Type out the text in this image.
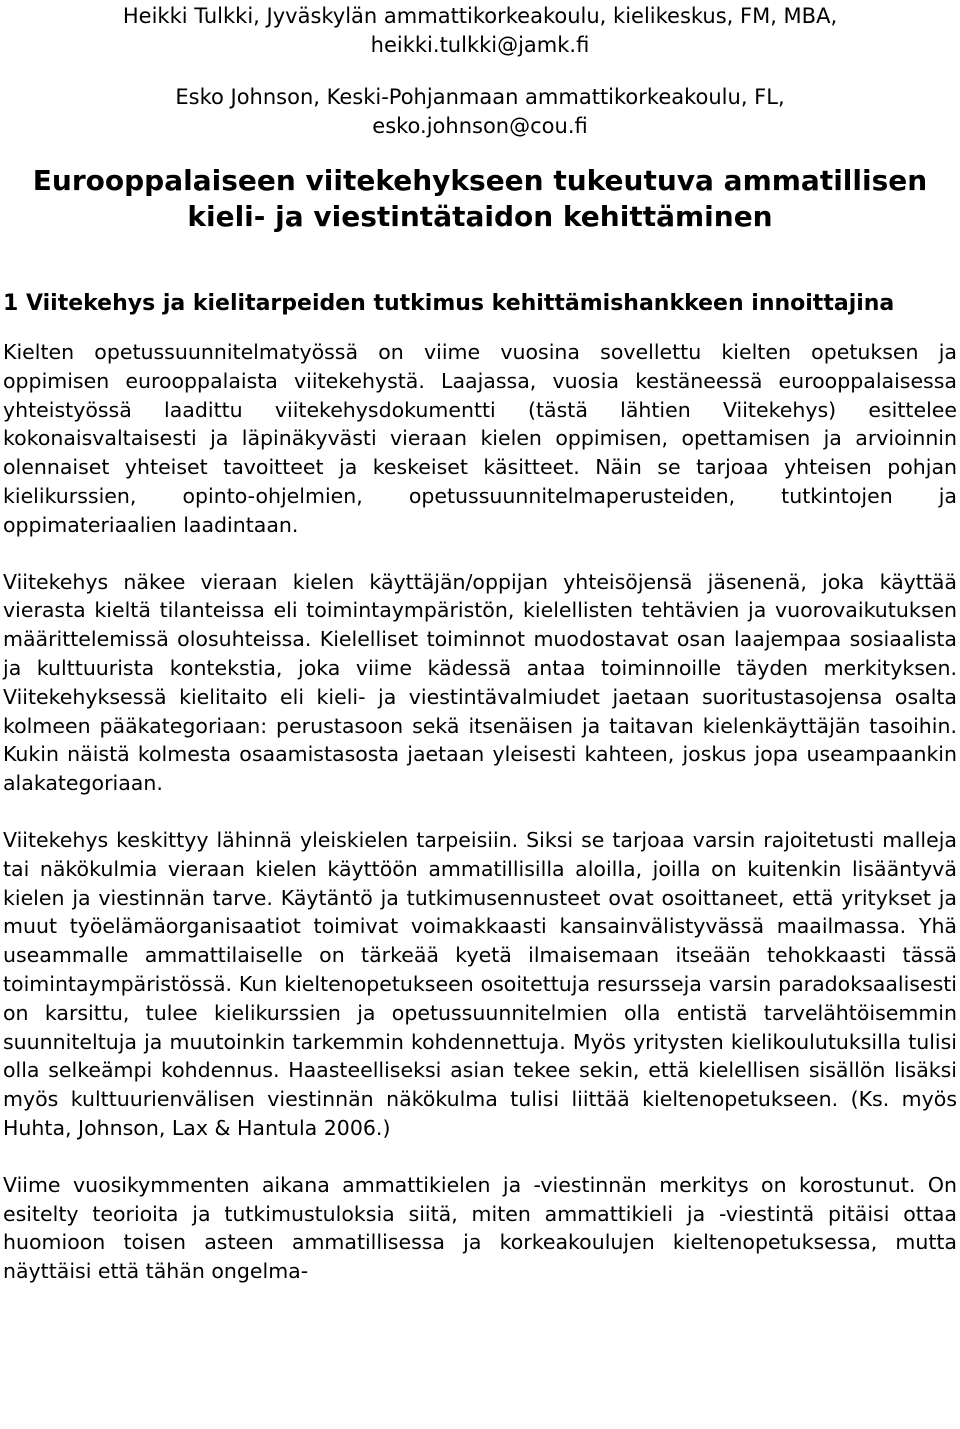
Heikki Tulkki, Jyväskylän ammattikorkeakoulu, kielikeskus, FM, MBA,

heikki.tulkki@jamk.fi

Esko Johnson, Keski-Pohjanmaan ammattikorkeakoulu, FL,

esko.johnson@cou.fi

Eurooppalaiseen viitekehykseen tukeutuva ammatillisen
kieli- ja viestintätaidon kehittäminen
1 Viitekehys ja kielitarpeiden tutkimus kehittämishankkeen innoittajina

Kielten opetussuunnitelmatyössä on viime vuosina sovellettu kielten opetuksen ja oppimisen eurooppalaista viitekehystä. Laajassa, vuosia kestäneessä eurooppalaisessa yhteistyössä laadittu viitekehysdokumentti (tästä lähtien Viitekehys) esittelee kokonaisvaltaisesti ja läpinäkyvästi vieraan kielen oppimisen, opettamisen ja arvioinnin olennaiset yhteiset tavoitteet ja keskeiset käsitteet. Näin se tarjoaa yhteisen pohjan kielikurssien, opinto-ohjelmien, opetussuunnitelmaperusteiden, tutkintojen ja oppimateriaalien laadintaan.

Viitekehys näkee vieraan kielen käyttäjän/oppijan yhteisöjensä jäsenenä, joka käyttää vierasta kieltä tilanteissa eli toimintaympäristön, kielellisten tehtävien ja vuorovaikutuksen määrittelemissä olosuhteissa. Kielelliset toiminnot muodostavat osan laajempaa sosiaalista ja kulttuurista kontekstia, joka viime kädessä antaa toiminnoille täyden merkityksen. Viitekehyksessä kielitaito eli kieli- ja viestintävalmiudet jaetaan suoritustasojensa osalta kolmeen pääkategoriaan: perustasoon sekä itsenäisen ja taitavan kielenkäyttäjän tasoihin. Kukin näistä kolmesta osaamistasosta jaetaan yleisesti kahteen, joskus jopa useampaankin alakategoriaan.

Viitekehys keskittyy lähinnä yleiskielen tarpeisiin. Siksi se tarjoaa varsin rajoitetusti malleja tai näkökulmia vieraan kielen käyttöön ammatillisilla aloilla, joilla on kuitenkin lisääntyvä kielen ja viestinnän tarve. Käytäntö ja tutkimusennusteet ovat osoittaneet, että yritykset ja muut työelämäorganisaatiot toimivat voimakkaasti kansainvälistyvässä maailmassa. Yhä useammalle ammattilaiselle on tärkeää kyetä ilmaisemaan itseään tehokkaasti tässä toimintaympäristössä. Kun kieltenopetukseen osoitettuja resursseja varsin paradoksaalisesti on karsittu, tulee kielikurssien ja opetussuunnitelmien olla entistä tarvelähtöisemmin suunniteltuja ja muutoinkin tarkemmin kohdennettuja. Myös yritysten kielikoulutuksilla tulisi olla selkeämpi kohdennus. Haasteelliseksi asian tekee sekin, että kielellisen sisällön lisäksi myös kulttuurienvälisen viestinnän näkökulma tulisi liittää kieltenopetukseen. (Ks. myös Huhta, Johnson, Lax & Hantula 2006.)

Viime vuosikymmenten aikana ammattikielen ja -viestinnän merkitys on korostunut. On esitelty teorioita ja tutkimustuloksia siitä, miten ammattikieli ja -viestintä pitäisi ottaa huomioon toisen asteen ammatillisessa ja korkeakoulujen kieltenopetuksessa, mutta näyttäisi että tähän ongelma-
